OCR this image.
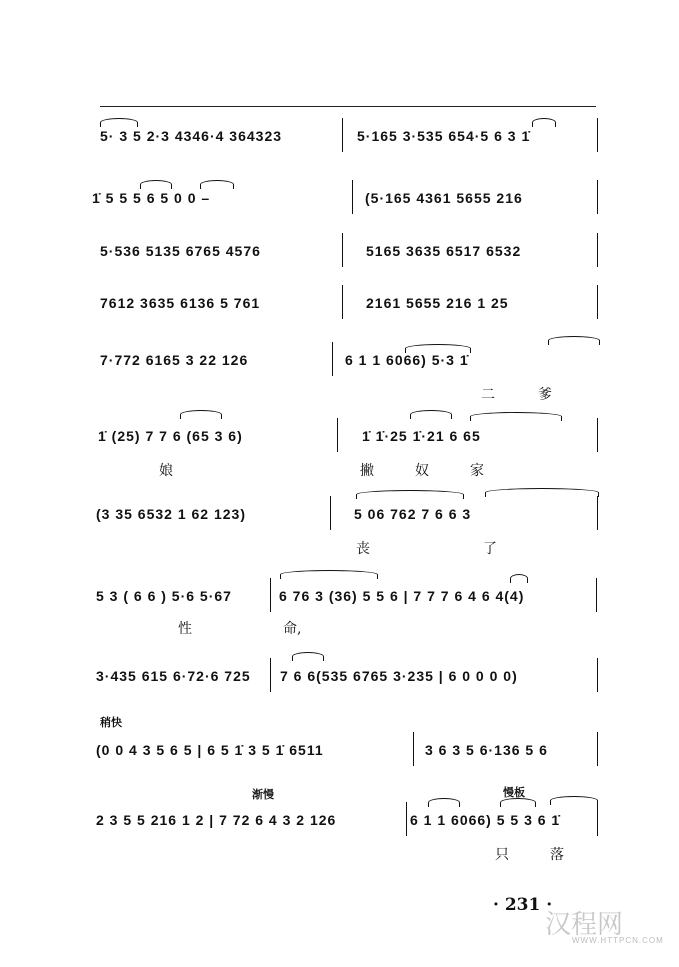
5· 3 5 2·3 4346·4 364323	5·165 3·535 654·5 6 3 1̇
1̇ 5 5 5 6 5 0 0 –	(5·165 4361 5655 216
5·536 5135 6765 4576	5165 3635 6517 6532
7612 3635 6136 5 761	2161 5655 216 1 25
7·772 6165 3 22 126	6 1 1 6066) 5·3 1̇
二	爹
1̇ (25) 7 7 6 (65 3 6)	1̇ 1̇·25 1̇·21 6 65
娘	撇	奴	家
(3 35 6532 1 62 123)	5 06 762 7 6 6 3
丧	了
5 3 ( 6 6 ) 5·6 5·67	6 76 3 (36) 5 5 6 | 7 7 7 6 4 6 4(4)
性	命,
3·435 615 6·72·6 725 7 6 6(535 6765 3·235 | 6 0 0 0 0)
稍快
(0 0 4 3 5 6 5 | 6 5 1̇ 3 5 1̇ 6511	3 6 3 5 6·136 5 6
渐慢	慢板
2 3 5 5 216 1 2 | 7 72 6 4 3 2 126	6 1 1 6066) 5 5 3 6 1̇
只	落
· 231 ·
汉程网
WWW.HTTPCN.COM
